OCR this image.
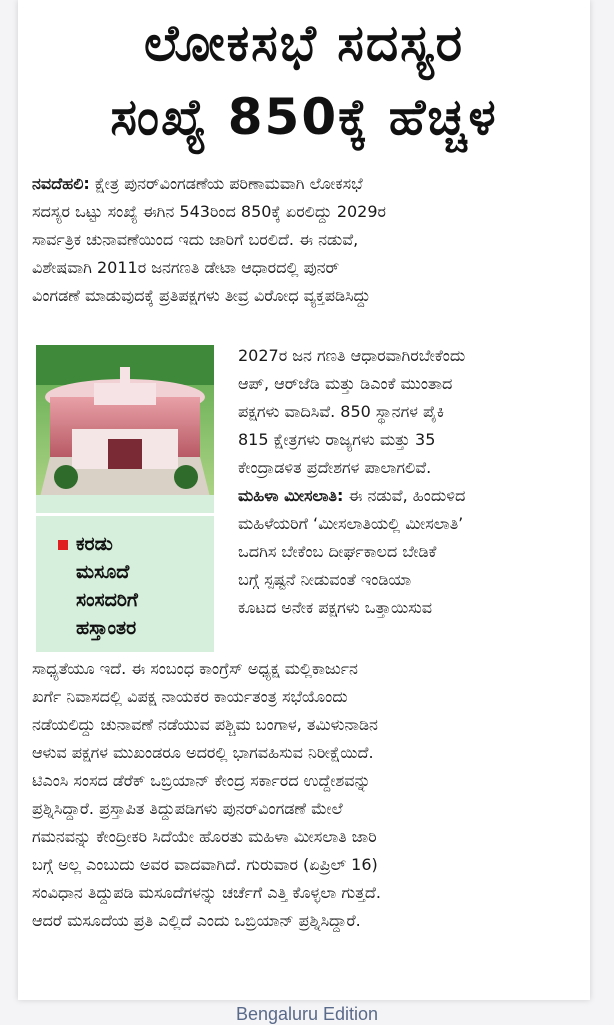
ಲೋಕಸಭೆ ಸದಸ್ಯರ
ಸಂಖ್ಯೆ 850ಕ್ಕೆ ಹೆಚ್ಚಳ
ನವದೆಹಲಿ: ಕ್ಷೇತ್ರ ಪುನರ್‌ವಿಂಗಡಣೆಯ ಪರಿಣಾಮವಾಗಿ ಲೋಕಸಭೆ
ಸದಸ್ಯರ ಒಟ್ಟು ಸಂಖ್ಯೆ ಈಗಿನ 543ರಿಂದ 850ಕ್ಕೆ ಏರಲಿದ್ದು 2029ರ
ಸಾರ್ವತ್ರಿಕ ಚುನಾವಣೆಯಿಂದ ಇದು ಜಾರಿಗೆ ಬರಲಿದೆ. ಈ ನಡುವೆ,
ವಿಶೇಷವಾಗಿ 2011ರ ಜನಗಣತಿ ಡೇಟಾ ಆಧಾರದಲ್ಲಿ ಪುನರ್
ವಿಂಗಡಣೆ ಮಾಡುವುದಕ್ಕೆ ಪ್ರತಿಪಕ್ಷಗಳು ತೀವ್ರ ವಿರೋಧ ವ್ಯಕ್ತಪಡಿಸಿದ್ದು
ಕರಡು
ಮಸೂದೆ
ಸಂಸದರಿಗೆ
ಹಸ್ತಾಂತರ
2027ರ ಜನ ಗಣತಿ ಆಧಾರವಾಗಿರಬೇಕೆಂದು
ಆಪ್, ಆರ್‌ಜೆಡಿ ಮತ್ತು ಡಿಎಂಕೆ ಮುಂತಾದ
ಪಕ್ಷಗಳು ವಾದಿಸಿವೆ. 850 ಸ್ಥಾನಗಳ ಪೈಕಿ
815 ಕ್ಷೇತ್ರಗಳು ರಾಜ್ಯಗಳು ಮತ್ತು 35
ಕೇಂದ್ರಾಡಳಿತ ಪ್ರದೇಶಗಳ ಪಾಲಾಗಲಿವೆ.
ಮಹಿಳಾ ಮೀಸಲಾತಿ: ಈ ನಡುವೆ, ಹಿಂದುಳಿದ
ಮಹಿಳೆಯರಿಗೆ ‘ಮೀಸಲಾತಿಯಲ್ಲಿ ಮೀಸಲಾತಿ’
ಒದಗಿಸ ಬೇಕೆಂಬ ದೀರ್ಘಕಾಲದ ಬೇಡಿಕೆ
ಬಗ್ಗೆ ಸ್ಪಷ್ಟನೆ ನೀಡುವಂತೆ ಇಂಡಿಯಾ
ಕೂಟದ ಅನೇಕ ಪಕ್ಷಗಳು ಒತ್ತಾಯಿಸುವ
ಸಾಧ್ಯತೆಯೂ ಇದೆ. ಈ ಸಂಬಂಧ ಕಾಂಗ್ರೆಸ್ ಅಧ್ಯಕ್ಷ ಮಲ್ಲಿಕಾರ್ಜುನ
ಖರ್ಗೆ ನಿವಾಸದಲ್ಲಿ ವಿಪಕ್ಷ ನಾಯಕರ ಕಾರ್ಯತಂತ್ರ ಸಭೆಯೊಂದು
ನಡೆಯಲಿದ್ದು ಚುನಾವಣೆ ನಡೆಯುವ ಪಶ್ಚಿಮ ಬಂಗಾಳ, ತಮಿಳುನಾಡಿನ
ಆಳುವ ಪಕ್ಷಗಳ ಮುಖಂಡರೂ ಅದರಲ್ಲಿ ಭಾಗವಹಿಸುವ ನಿರೀಕ್ಷೆಯಿದೆ.
ಟಿಎಂಸಿ ಸಂಸದ ಡೆರೆಕ್ ಒಬ್ರಿಯಾನ್ ಕೇಂದ್ರ ಸರ್ಕಾರದ ಉದ್ದೇಶವನ್ನು
ಪ್ರಶ್ನಿಸಿದ್ದಾರೆ. ಪ್ರಸ್ತಾಪಿತ ತಿದ್ದುಪಡಿಗಳು ಪುನರ್‌ವಿಂಗಡಣೆ ಮೇಲೆ
ಗಮನವನ್ನು ಕೇಂದ್ರೀಕರಿ ಸಿದೆಯೇ ಹೊರತು ಮಹಿಳಾ ಮೀಸಲಾತಿ ಜಾರಿ
ಬಗ್ಗೆ ಅಲ್ಲ ಎಂಬುದು ಅವರ ವಾದವಾಗಿದೆ. ಗುರುವಾರ (ಏಪ್ರಿಲ್ 16)
ಸಂವಿಧಾನ ತಿದ್ದುಪಡಿ ಮಸೂದೆಗಳನ್ನು ಚರ್ಚೆಗೆ ಎತ್ತಿ ಕೊಳ್ಳಲಾ ಗುತ್ತದೆ.
ಆದರೆ ಮಸೂದೆಯ ಪ್ರತಿ ಎಲ್ಲಿದೆ ಎಂದು ಒಬ್ರಿಯಾನ್ ಪ್ರಶ್ನಿಸಿದ್ದಾರೆ.
Bengaluru Edition
